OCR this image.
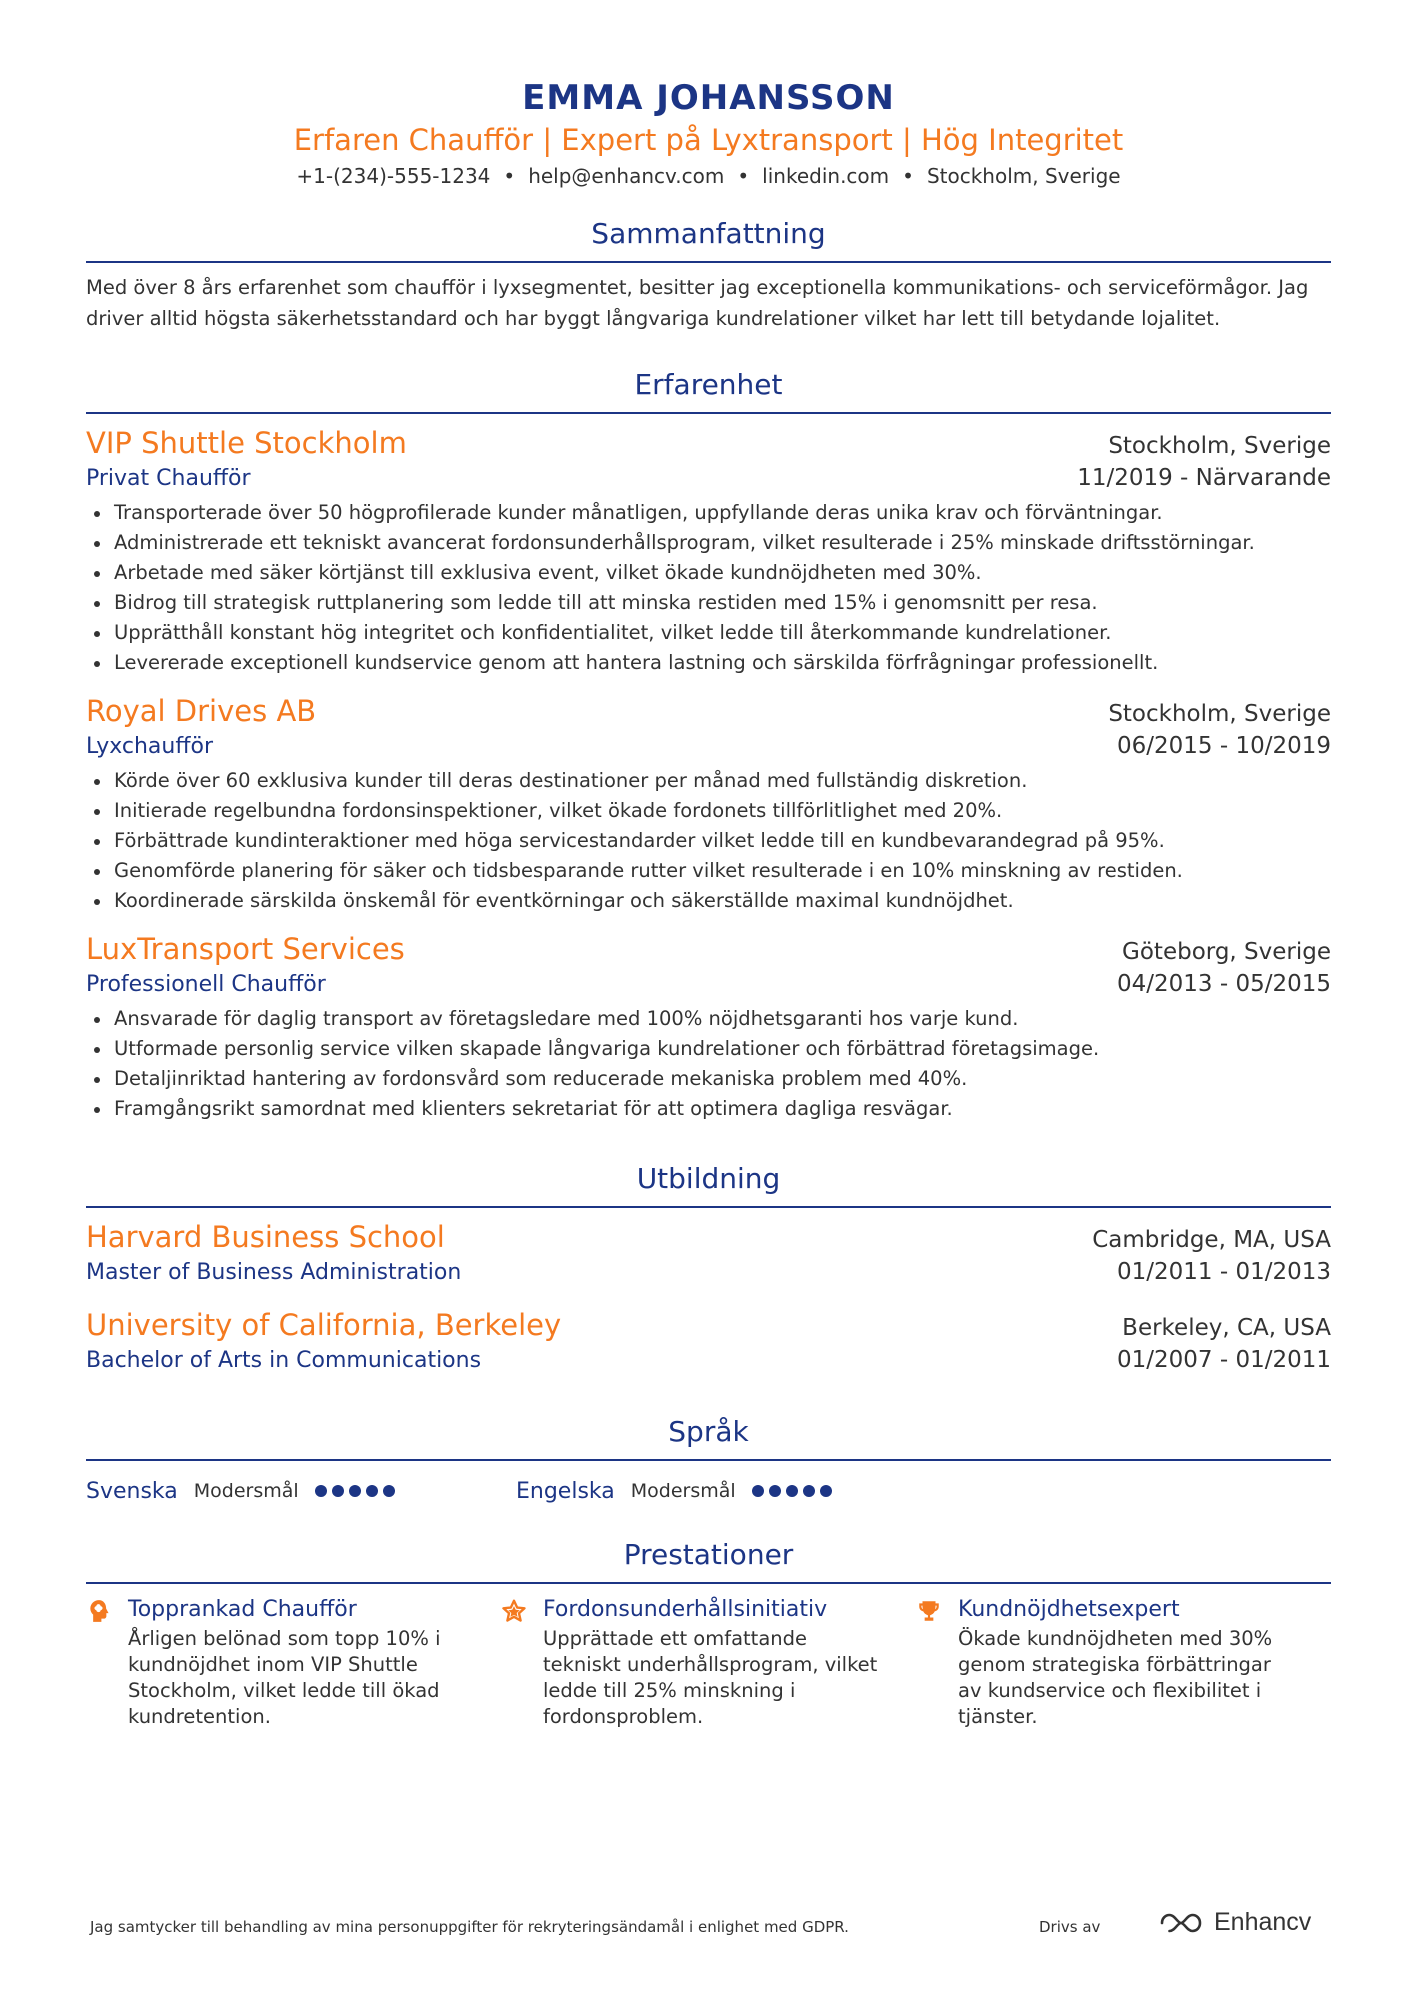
EMMA JOHANSSON
Erfaren Chaufför | Expert på Lyxtransport | Hög Integritet
+1-(234)-555-1234 • help@enhancv.com • linkedin.com • Stockholm, Sverige
Sammanfattning
Med över 8 års erfarenhet som chaufför i lyxsegmentet, besitter jag exceptionella kommunikations- och serviceförmågor. Jag driver alltid högsta säkerhetsstandard och har byggt långvariga kundrelationer vilket har lett till betydande lojalitet.
Erfarenhet
VIP Shuttle Stockholm	Stockholm, Sverige
Privat Chaufför	11/2019 - Närvarande
Transporterade över 50 högprofilerade kunder månatligen, uppfyllande deras unika krav och förväntningar.
Administrerade ett tekniskt avancerat fordonsunderhållsprogram, vilket resulterade i 25% minskade driftsstörningar.
Arbetade med säker körtjänst till exklusiva event, vilket ökade kundnöjdheten med 30%.
Bidrog till strategisk ruttplanering som ledde till att minska restiden med 15% i genomsnitt per resa.
Upprätthåll konstant hög integritet och konfidentialitet, vilket ledde till återkommande kundrelationer.
Levererade exceptionell kundservice genom att hantera lastning och särskilda förfrågningar professionellt.
Royal Drives AB	Stockholm, Sverige
Lyxchaufför	06/2015 - 10/2019
Körde över 60 exklusiva kunder till deras destinationer per månad med fullständig diskretion.
Initierade regelbundna fordonsinspektioner, vilket ökade fordonets tillförlitlighet med 20%.
Förbättrade kundinteraktioner med höga servicestandarder vilket ledde till en kundbevarandegrad på 95%.
Genomförde planering för säker och tidsbesparande rutter vilket resulterade i en 10% minskning av restiden.
Koordinerade särskilda önskemål för eventkörningar och säkerställde maximal kundnöjdhet.
LuxTransport Services	Göteborg, Sverige
Professionell Chaufför	04/2013 - 05/2015
Ansvarade för daglig transport av företagsledare med 100% nöjdhetsgaranti hos varje kund.
Utformade personlig service vilken skapade långvariga kundrelationer och förbättrad företagsimage.
Detaljinriktad hantering av fordonsvård som reducerade mekaniska problem med 40%.
Framgångsrikt samordnat med klienters sekretariat för att optimera dagliga resvägar.
Utbildning
Harvard Business School	Cambridge, MA, USA
Master of Business Administration	01/2011 - 01/2013
University of California, Berkeley	Berkeley, CA, USA
Bachelor of Arts in Communications	01/2007 - 01/2011
Språk
Svenska Modersmål	Engelska Modersmål
Prestationer
Topprankad Chaufför
Årligen belönad som topp 10% i kundnöjdhet inom VIP Shuttle Stockholm, vilket ledde till ökad kundretention.
Fordonsunderhållsinitiativ
Upprättade ett omfattande tekniskt underhållsprogram, vilket ledde till 25% minskning i fordonsproblem.
Kundnöjdhetsexpert
Ökade kundnöjdheten med 30% genom strategiska förbättringar av kundservice och flexibilitet i tjänster.
Jag samtycker till behandling av mina personuppgifter för rekryteringsändamål i enlighet med GDPR.	Drivs av	Enhancv
